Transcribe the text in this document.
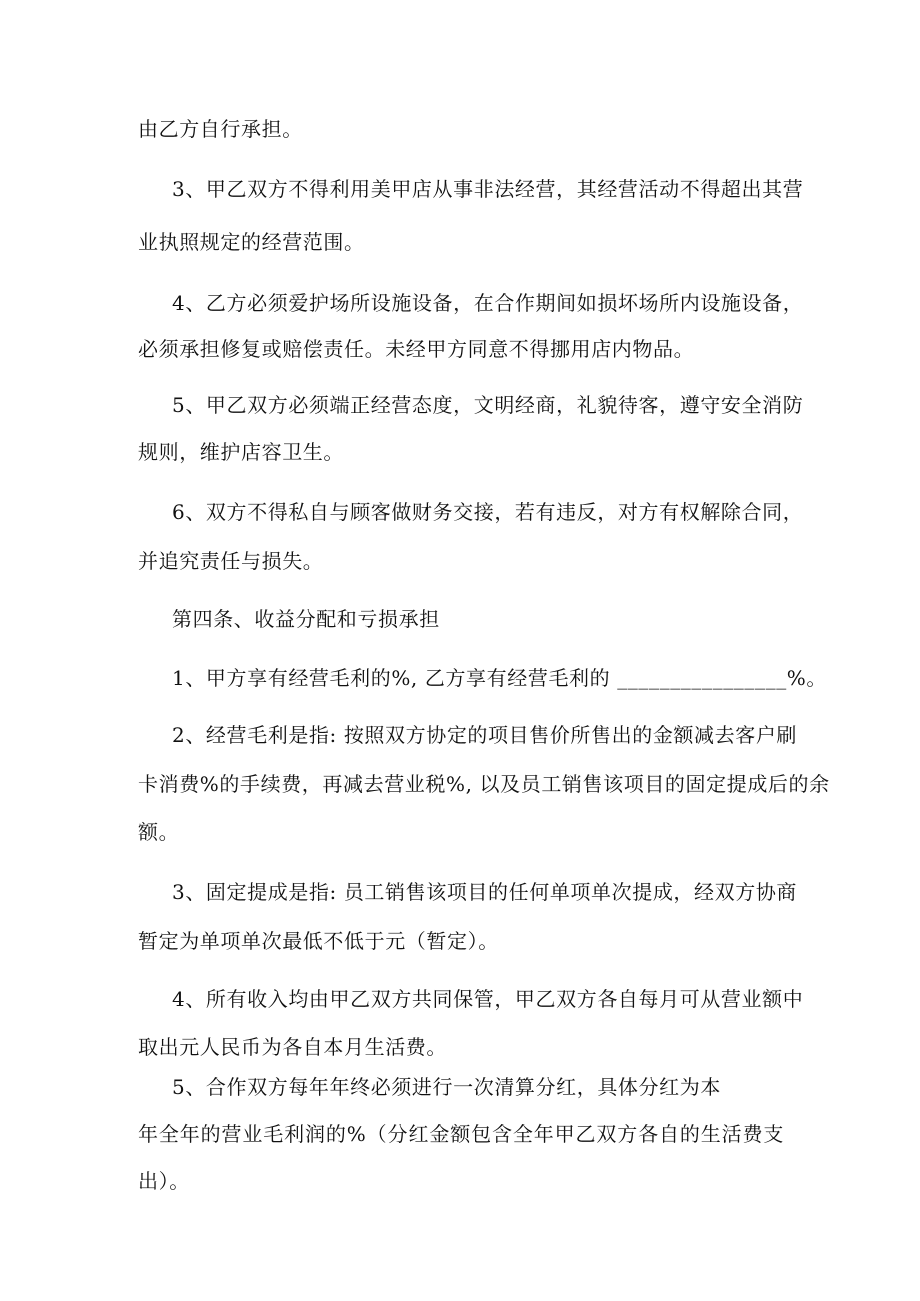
由乙方自行承担。
3、甲乙双方不得利用美甲店从事非法经营，其经营活动不得超出其营
业执照规定的经营范围。
4、乙方必须爱护场所设施设备，在合作期间如损坏场所内设施设备，
必须承担修复或赔偿责任。未经甲方同意不得挪用店内物品。
5、甲乙双方必须端正经营态度，文明经商，礼貌待客，遵守安全消防
规则，维护店容卫生。
6、双方不得私自与顾客做财务交接，若有违反，对方有权解除合同，
并追究责任与损失。
第四条、收益分配和亏损承担
1、甲方享有经营毛利的%, 乙方享有经营毛利的 ________________%。
2、经营毛利是指: 按照双方协定的项目售价所售出的金额减去客户刷
卡消费%的手续费，再减去营业税%, 以及员工销售该项目的固定提成后的余
额。
3、固定提成是指: 员工销售该项目的任何单项单次提成，经双方协商
暂定为单项单次最低不低于元（暂定）。
4、所有收入均由甲乙双方共同保管，甲乙双方各自每月可从营业额中
取出元人民币为各自本月生活费。
5、合作双方每年年终必须进行一次清算分红，具体分红为本
年全年的营业毛利润的%（分红金额包含全年甲乙双方各自的生活费支
出）。
